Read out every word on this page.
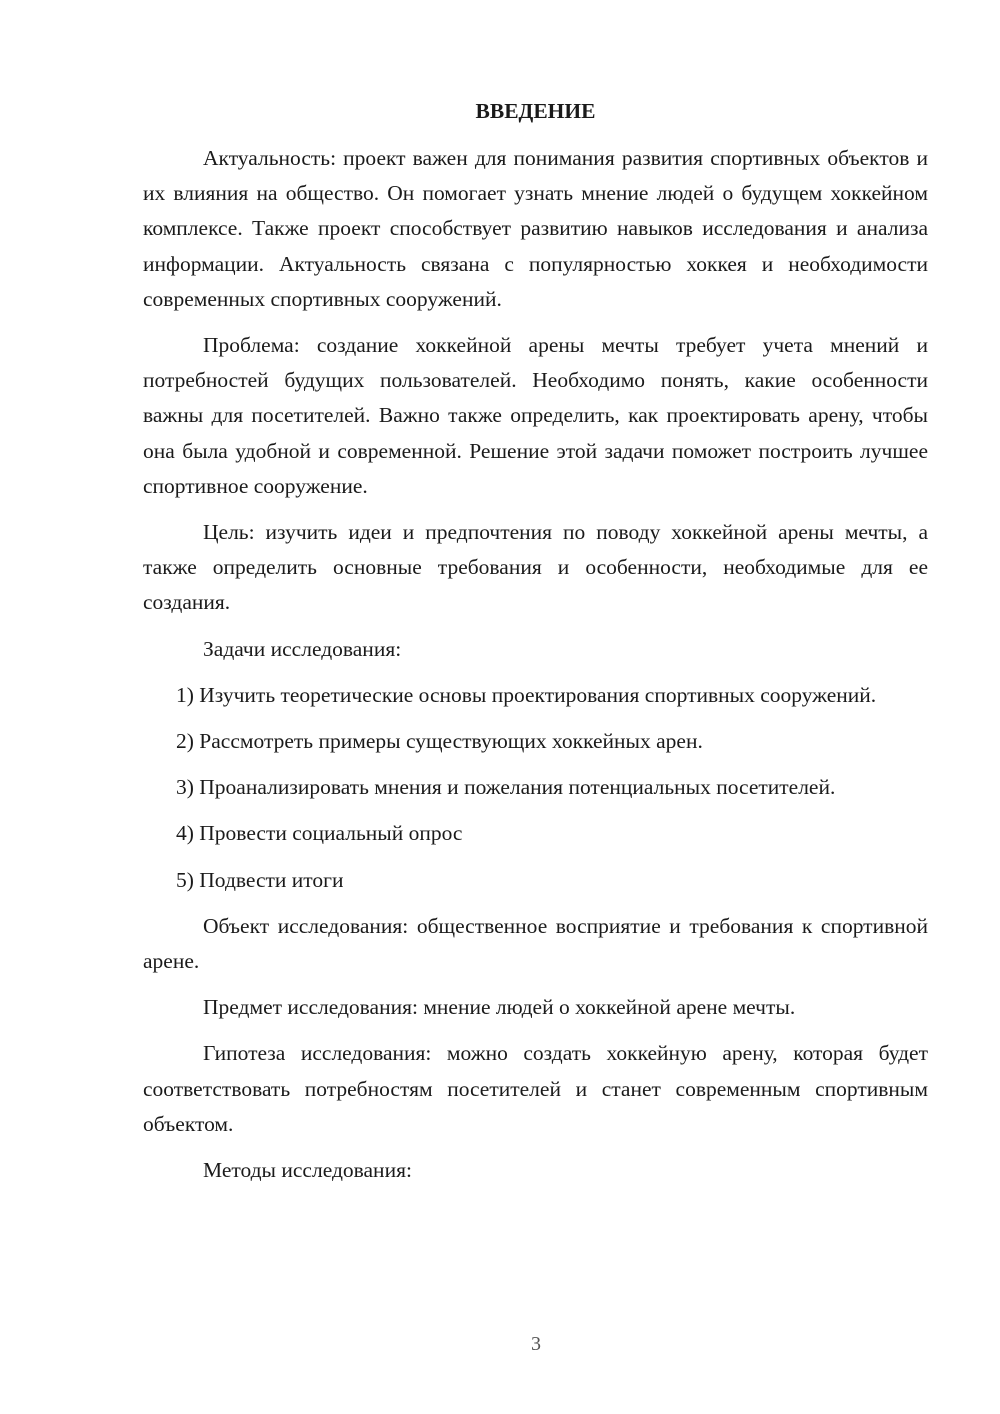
ВВЕДЕНИЕ

Актуальность: проект важен для понимания развития спортивных объектов и их влияния на общество. Он помогает узнать мнение людей о будущем хоккейном комплексе. Также проект способствует развитию навыков исследования и анализа информации. Актуальность связана с популярностью хоккея и необходимости современных спортивных сооружений.

Проблема: создание хоккейной арены мечты требует учета мнений и потребностей будущих пользователей. Необходимо понять, какие особенности важны для посетителей. Важно также определить, как проектировать арену, чтобы она была удобной и современной. Решение этой задачи поможет построить лучшее спортивное сооружение.

Цель: изучить идеи и предпочтения по поводу хоккейной арены мечты, а также определить основные требования и особенности, необходимые для ее создания.

Задачи исследования:

1) Изучить теоретические основы проектирования спортивных сооружений.

2) Рассмотреть примеры существующих хоккейных арен.

3) Проанализировать мнения и пожелания потенциальных посетителей.

4) Провести социальный опрос

5) Подвести итоги

Объект исследования: общественное восприятие и требования к спортивной арене.

Предмет исследования: мнение людей о хоккейной арене мечты.

Гипотеза исследования: можно создать хоккейную арену, которая будет соответствовать потребностям посетителей и станет современным спортивным объектом.

Методы исследования:

3
